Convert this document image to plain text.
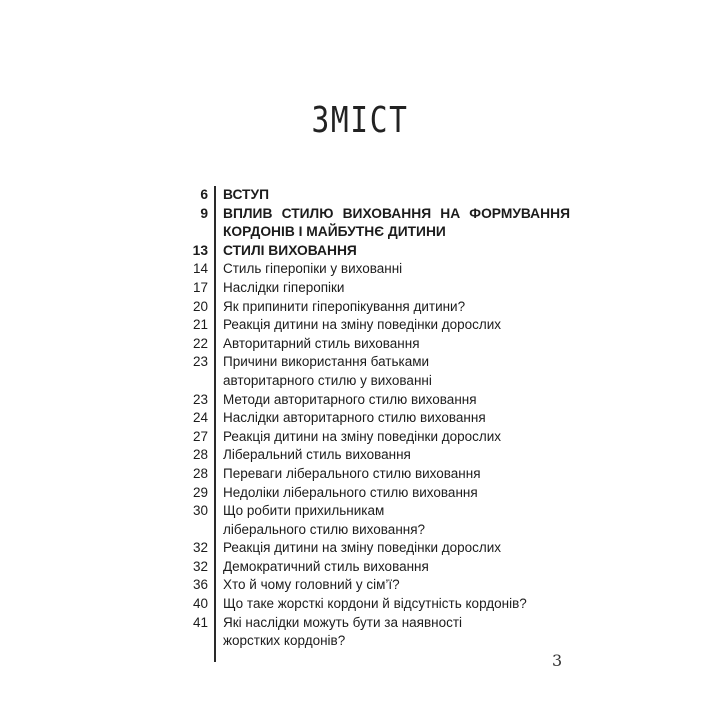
ЗМІСТ
6 ВСТУП
9 ВПЛИВ СТИЛЮ ВИХОВАННЯ НА ФОРМУВАННЯ КОРДОНІВ І МАЙБУТНЄ ДИТИНИ
13 СТИЛІ ВИХОВАННЯ
14 Стиль гіперопіки у вихованні
17 Наслідки гіперопіки
20 Як припинити гіперопікування дитини?
21 Реакція дитини на зміну поведінки дорослих
22 Авторитарний стиль виховання
23 Причини використання батьками авторитарного стилю у вихованні
23 Методи авторитарного стилю виховання
24 Наслідки авторитарного стилю виховання
27 Реакція дитини на зміну поведінки дорослих
28 Ліберальний стиль виховання
28 Переваги ліберального стилю виховання
29 Недоліки ліберального стилю виховання
30 Що робити прихильникам ліберального стилю виховання?
32 Реакція дитини на зміну поведінки дорослих
32 Демократичний стиль виховання
36 Хто й чому головний у сім’ї?
40 Що таке жорсткі кордони й відсутність кордонів?
41 Які наслідки можуть бути за наявності жорстких кордонів?
3
